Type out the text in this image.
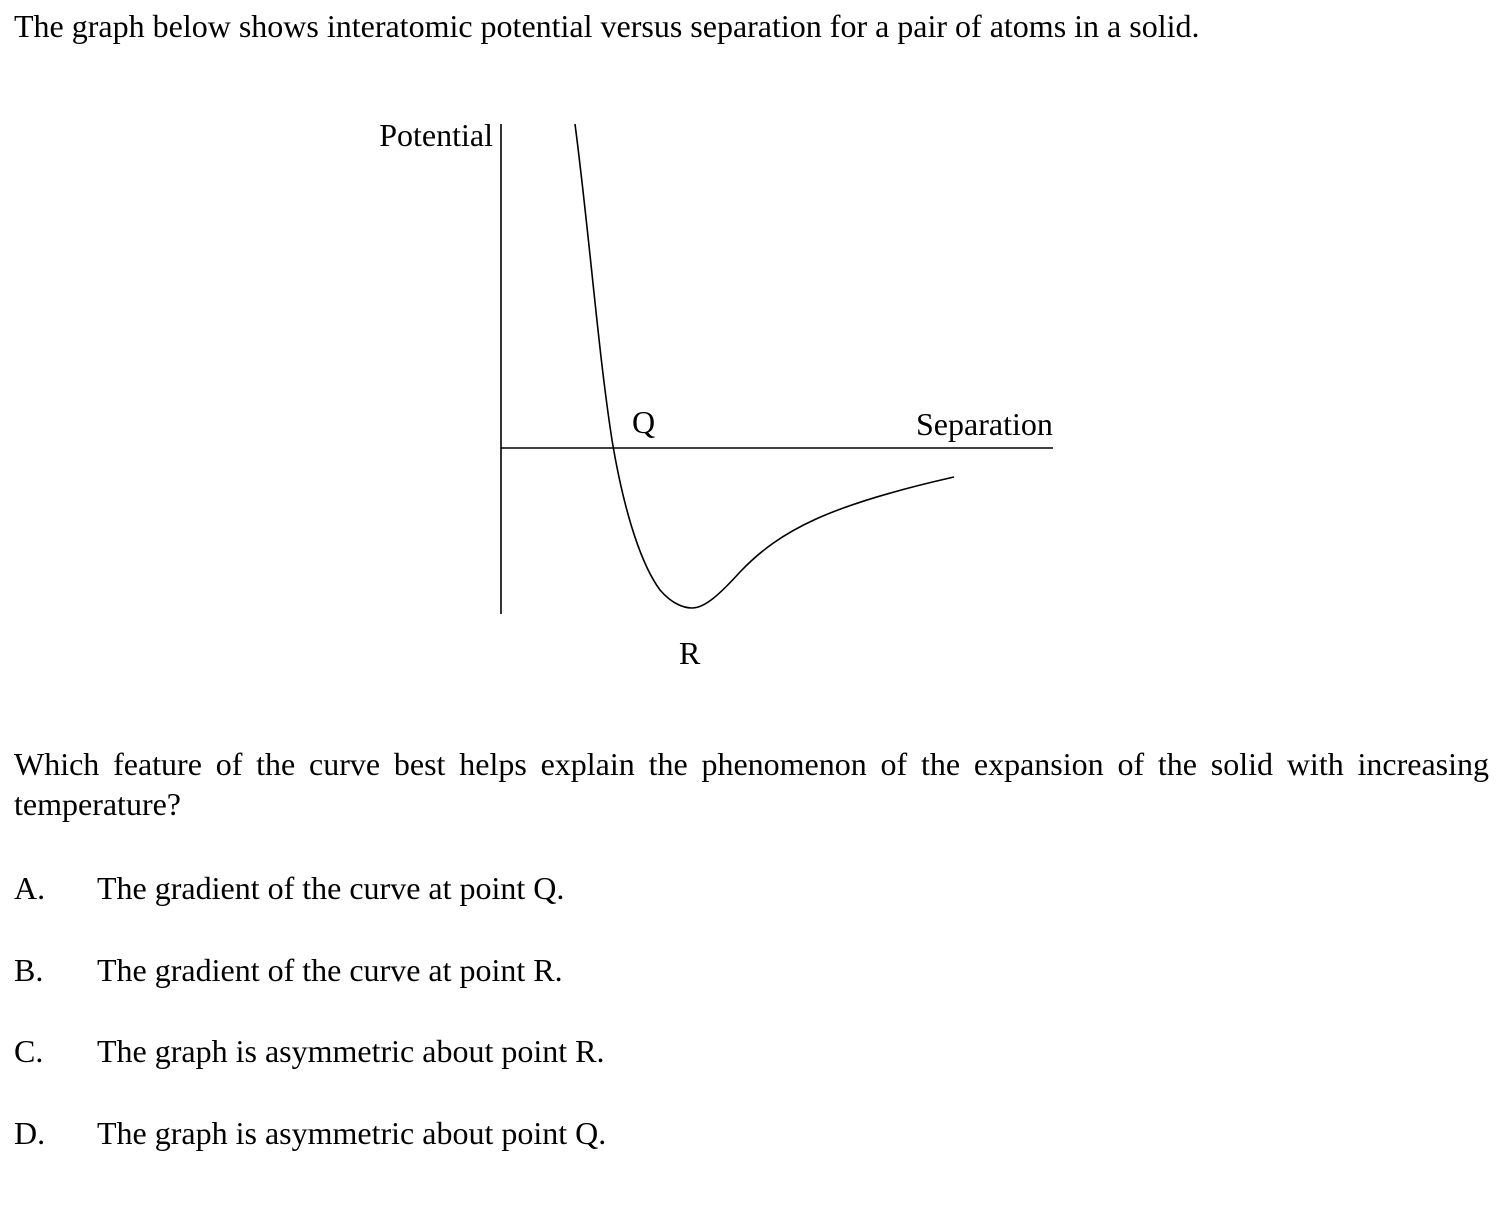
The graph below shows interatomic potential versus separation for a pair of atoms in a solid.
Potential
Separation
Q
R
Which feature of the curve best helps explain the phenomenon of the expansion of the solid with increasing temperature?
A. The gradient of the curve at point Q.
B. The gradient of the curve at point R.
C. The graph is asymmetric about point R.
D. The graph is asymmetric about point Q.
